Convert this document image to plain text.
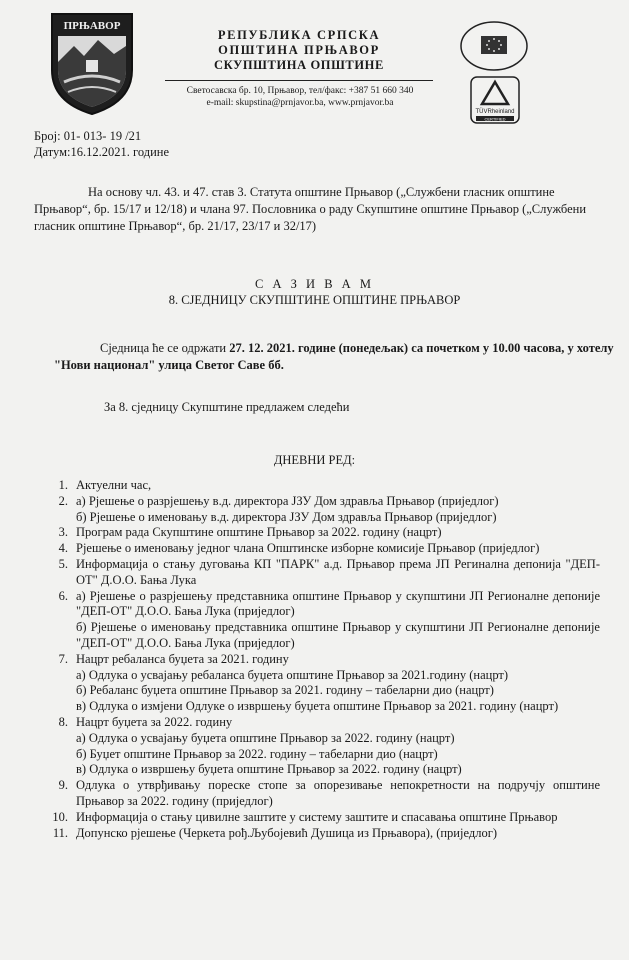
ПРЊАВОР
РЕПУБЛИКА СРПСКА
ОПШТИНА ПРЊАВОР
СКУПШТИНА ОПШТИНЕ
Светосавска бр. 10, Прњавор, тел/факс: +387 51 660 340
e-mail: skupstina@prnjavor.ba, www.prnjavor.ba
TÜVRheinland
CERTIFIED
Број: 01- 013- 19 /21
Датум:16.12.2021. године
На основу чл. 43. и 47. став 3. Статута општине Прњавор („Службени гласник општине Прњавор“, бр. 15/17 и 12/18) и члана 97. Пословника о раду Скупштине општине Прњавор („Службени гласник општине Прњавор“, бр. 21/17, 23/17 и 32/17)
С А З И В А М
8. СЈЕДНИЦУ СКУПШТИНЕ ОПШТИНЕ ПРЊАВОР
Сједница ће се одржати 27. 12. 2021. године (понедељак) са почетком у 10.00 часова, у хотелу "Нови национал" улица Светог Саве бб.
За 8. сједницу Скупштине предлажем следећи
ДНЕВНИ РЕД:
1. Актуелни час,
2. а) Рјешење о разрјешењу в.д. директора ЈЗУ Дом здравља Прњавор (приједлог)
б) Рјешење о именовању в.д. директора ЈЗУ Дом здравља Прњавор (приједлог)
3. Програм рада Скупштине општине Прњавор за 2022. годину (нацрт)
4. Рјешење о именовању једног члана Општинске изборне комисије Прњавор (приједлог)
5. Информација о стању дуговања КП "ПАРК" а.д. Прњавор према ЈП Регинална депонија "ДЕП-ОТ" Д.О.О. Бања Лука
6. а) Рјешење о разрјешењу представника општине Прњавор у скупштини ЈП Регионалне депоније "ДЕП-ОТ" Д.О.О. Бања Лука (приједлог)
б) Рјешење о именовању представника општине Прњавор у скупштини ЈП Регионалне депоније "ДЕП-ОТ" Д.О.О. Бања Лука (приједлог)
7. Нацрт ребаланса буџета за 2021. годину
а) Одлука о усвајању ребаланса буџета општине Прњавор за 2021.годину (нацрт)
б) Ребаланс буџета општине Прњавор за 2021. годину – табеларни дио (нацрт)
в) Одлука о измјени Одлуке о извршењу буџета општине Прњавор за 2021. годину (нацрт)
8. Нацрт буџета за 2022. годину
а) Одлука о усвајању буџета општине Прњавор за 2022. годину (нацрт)
б) Буџет општине Прњавор за 2022. годину – табеларни дио (нацрт)
в) Одлука о извршењу буџета општине Прњавор за 2022. годину (нацрт)
9. Одлука о утврђивању пореске стопе за опорезивање непокретности на подручју општине Прњавор за 2022. годину (приједлог)
10. Информација о стању цивилне заштите у систему заштите и спасавања општине Прњавор
11. Допунско рјешење (Черкета рођ.Љубојевић Душица из Прњавора), (приједлог)
